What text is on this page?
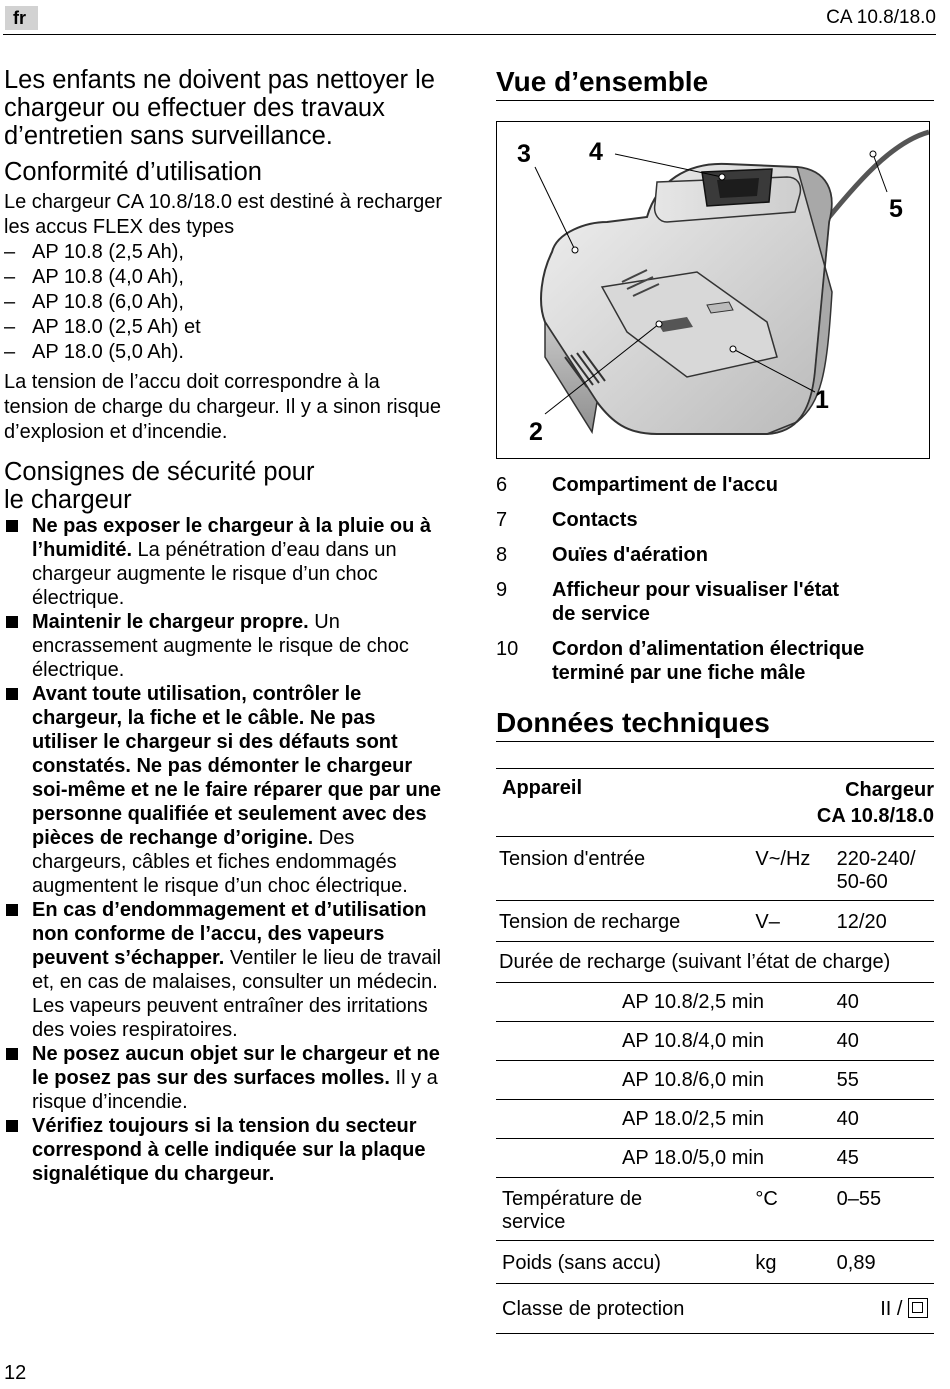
fr	CA 10.8/18.0

Les enfants ne doivent pas nettoyer le chargeur ou effectuer des travaux d’entretien sans surveillance.

Conformité d’utilisation

Le chargeur CA 10.8/18.0 est destiné à recharger les accus FLEX des types

– AP 10.8 (2,5 Ah),
– AP 10.8 (4,0 Ah),
– AP 10.8 (6,0 Ah),
– AP 18.0 (2,5 Ah) et
– AP 18.0 (5,0 Ah).

La tension de l’accu doit correspondre à la tension de charge du chargeur. Il y a sinon risque d’explosion et d’incendie.

Consignes de sécurité pour
le chargeur
Ne pas exposer le chargeur à la pluie ou à l’humidité. La pénétration d’eau dans un chargeur augmente le risque d’un choc électrique.
Maintenir le chargeur propre. Un encrassement augmente le risque de choc électrique.
Avant toute utilisation, contrôler le chargeur, la fiche et le câble. Ne pas utiliser le chargeur si des défauts sont constatés. Ne pas démonter le chargeur soi-même et ne le faire réparer que par une personne qualifiée et seulement avec des pièces de rechange d’origine. Des chargeurs, câbles et fiches endommagés augmentent le risque d’un choc électrique.
En cas d’endommagement et d’utilisation non conforme de l’accu, des vapeurs peuvent s’échapper. Ventiler le lieu de travail et, en cas de malaises, consulter un médecin. Les vapeurs peuvent entraîner des irritations des voies respiratoires.
Ne posez aucun objet sur le chargeur et ne le posez pas sur des surfaces molles. Il y a risque d’incendie.
Vérifiez toujours si la tension du secteur correspond à celle indiquée sur la plaque signalétique du chargeur.
Vue d’ensemble
1
2
3 4
5
6	Compartiment de l'accu
7	Contacts
8	Ouïes d'aération
9	Afficheur pour visualiser l'état de service
10	Cordon d’alimentation électrique terminé par une fiche mâle
Données techniques
Appareil	Chargeur
CA 10.8/18.0	
Tension d'entrée	V~/Hz	220-240/ 50-60
Tension de recharge	V–	12/20
Durée de recharge (suivant l’état de charge)		
AP 10.8/2,5 min		40
AP 10.8/4,0 min		40
AP 10.8/6,0 min		55
AP 18.0/2,5 min		40
AP 18.0/5,0 min		45
Température de service	°C	0–55
Poids (sans accu)	kg	0,89
Classe de protection		II /
12
